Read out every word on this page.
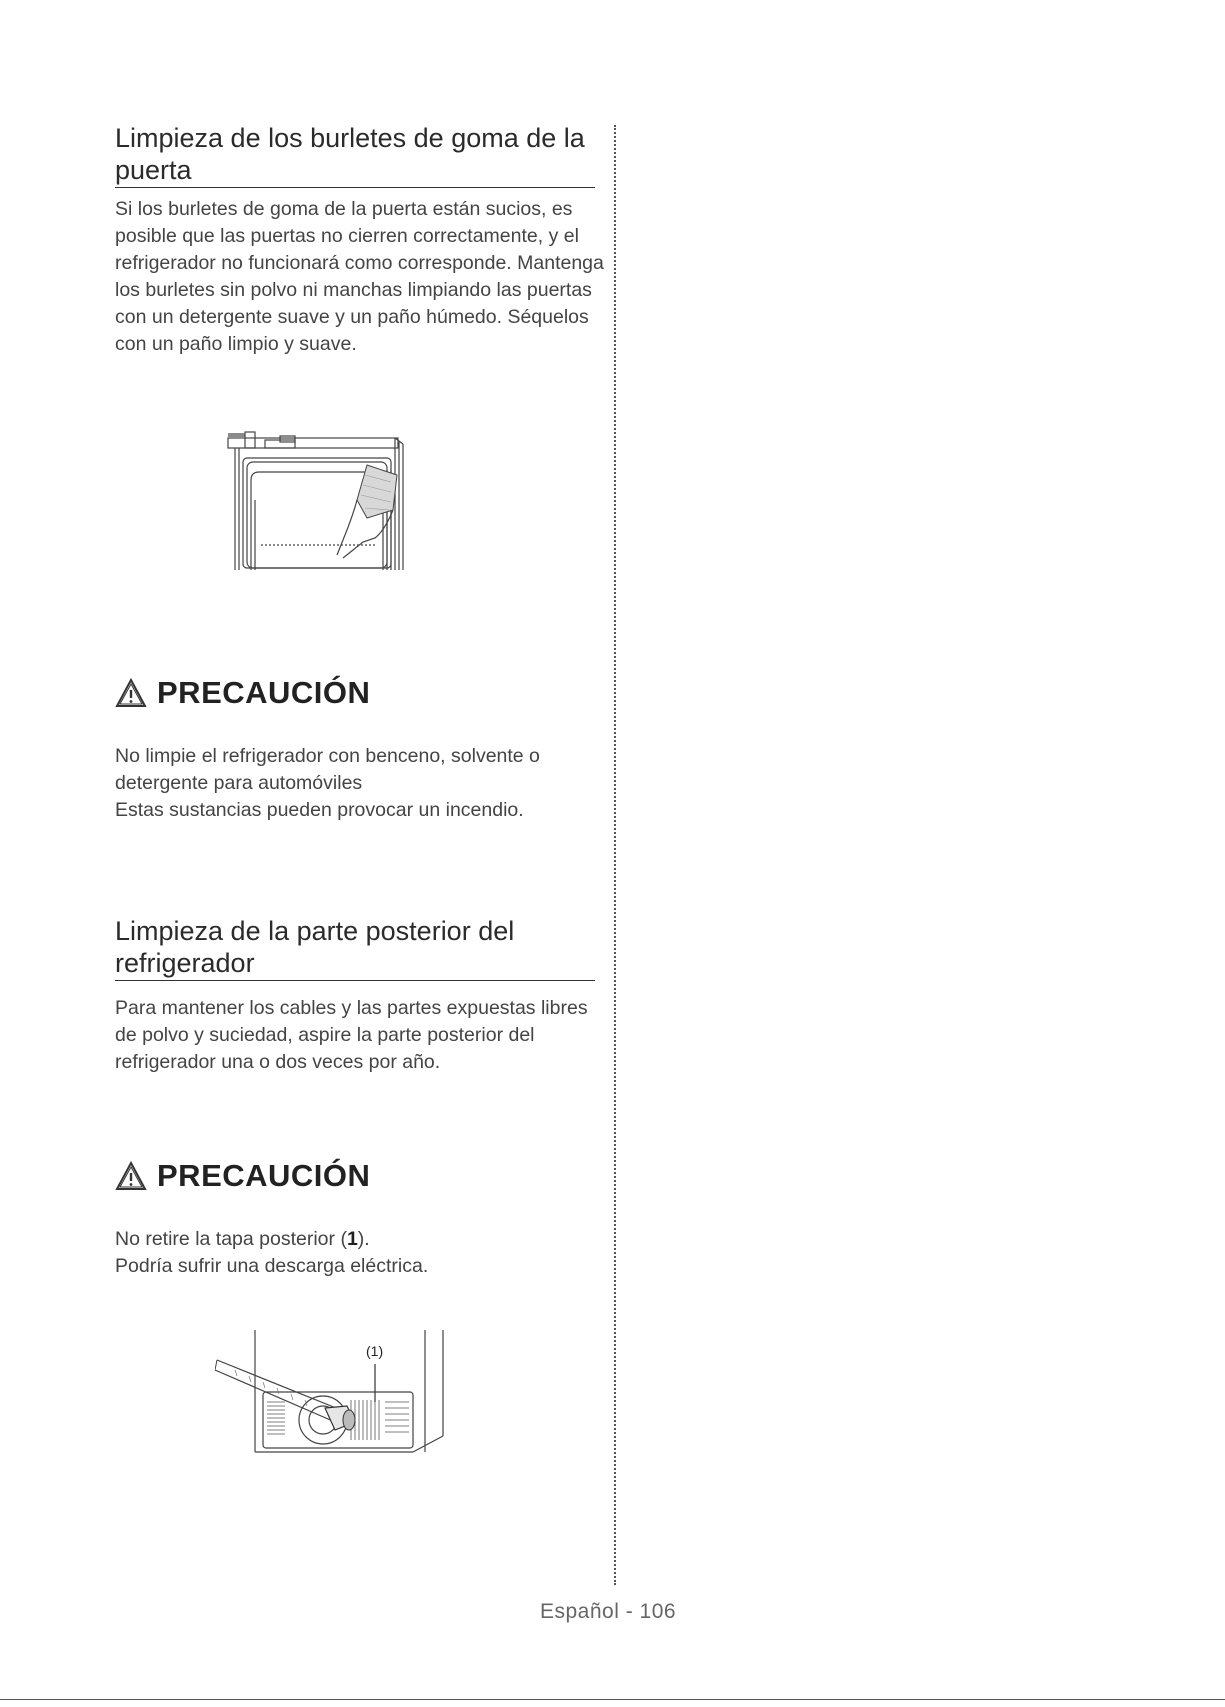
Limpieza de los burletes de goma de la puerta
Si los burletes de goma de la puerta están sucios, es posible que las puertas no cierren correctamente, y el refrigerador no funcionará como corresponde. Mantenga los burletes sin polvo ni manchas limpiando las puertas con un detergente suave y un paño húmedo. Séquelos con un paño limpio y suave.
PRECAUCIÓN
No limpie el refrigerador con benceno, solvente o detergente para automóviles
Estas sustancias pueden provocar un incendio.
Limpieza de la parte posterior del refrigerador
Para mantener los cables y las partes expuestas libres de polvo y suciedad, aspire la parte posterior del refrigerador una o dos veces por año.
PRECAUCIÓN
No retire la tapa posterior (1).
Podría sufrir una descarga eléctrica.
(1)
Español - 106
